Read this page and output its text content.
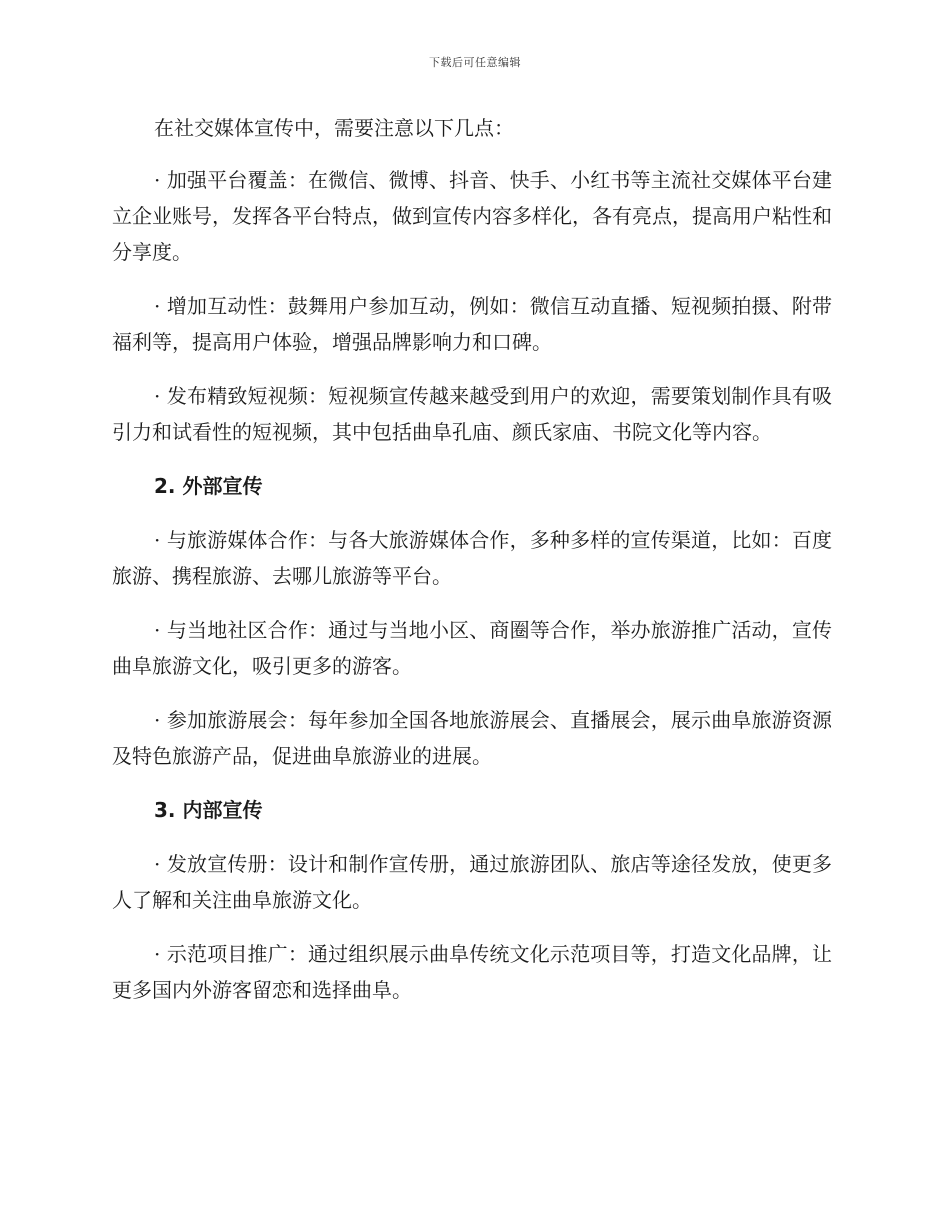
下载后可任意编辑

在社交媒体宣传中，需要注意以下几点：

· 加强平台覆盖：在微信、微博、抖音、快手、小红书等主流社交媒体平台建立企业账号，发挥各平台特点，做到宣传内容多样化，各有亮点，提高用户粘性和分享度。

· 增加互动性：鼓舞用户参加互动，例如：微信互动直播、短视频拍摄、附带福利等，提高用户体验，增强品牌影响力和口碑。

· 发布精致短视频：短视频宣传越来越受到用户的欢迎，需要策划制作具有吸引力和试看性的短视频，其中包括曲阜孔庙、颜氏家庙、书院文化等内容。

2. 外部宣传

· 与旅游媒体合作：与各大旅游媒体合作，多种多样的宣传渠道，比如：百度旅游、携程旅游、去哪儿旅游等平台。

· 与当地社区合作：通过与当地小区、商圈等合作，举办旅游推广活动，宣传曲阜旅游文化，吸引更多的游客。

· 参加旅游展会：每年参加全国各地旅游展会、直播展会，展示曲阜旅游资源及特色旅游产品，促进曲阜旅游业的进展。

3. 内部宣传

· 发放宣传册：设计和制作宣传册，通过旅游团队、旅店等途径发放，使更多人了解和关注曲阜旅游文化。

· 示范项目推广：通过组织展示曲阜传统文化示范项目等，打造文化品牌，让更多国内外游客留恋和选择曲阜。
